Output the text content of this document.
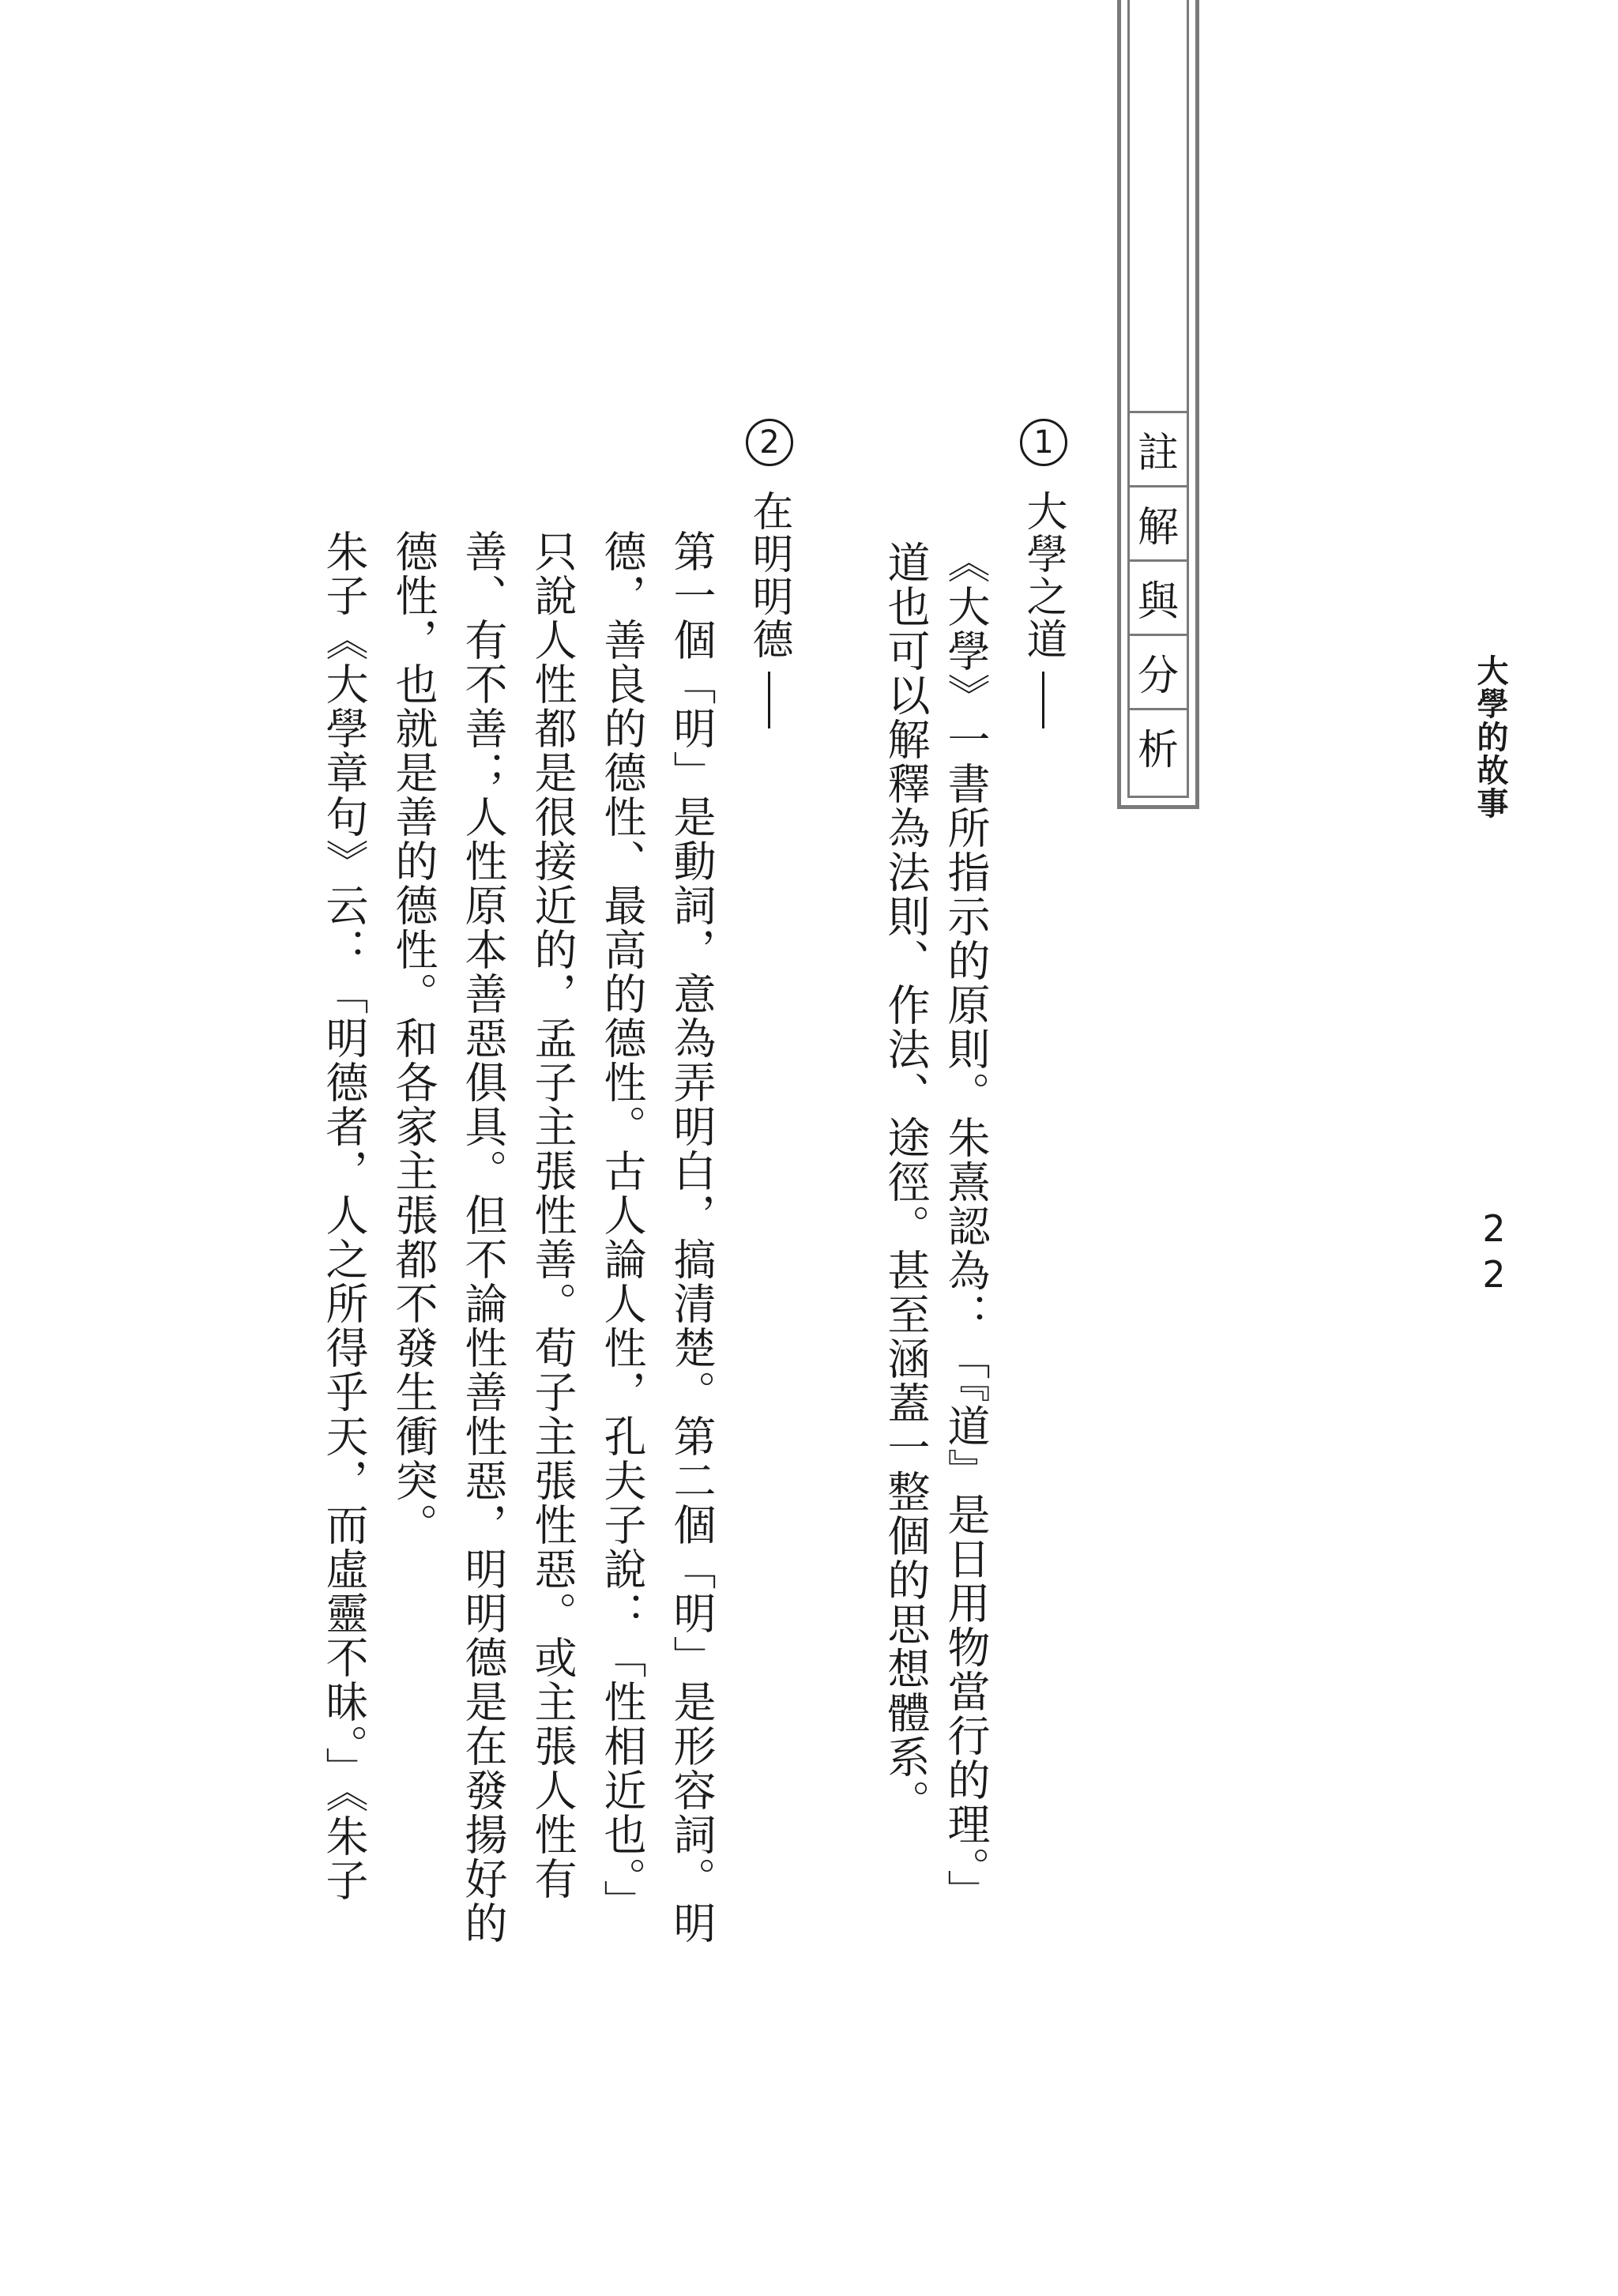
大學的故事
22
註
解
與
分
析
1
大學之道
《大學》一書所指示的原則。朱熹認為：「『道』是日用物當行的理。」
道也可以解釋為法則、作法、途徑。甚至涵蓋一整個的思想體系。
2
在明明德
第一個「明」是動詞，意為弄明白，搞清楚。第二個「明」是形容詞。明
德，善良的德性、最高的德性。古人論人性，孔夫子說：「性相近也。」
只說人性都是很接近的，孟子主張性善。荀子主張性惡。或主張人性有
善、有不善；人性原本善惡俱具。但不論性善性惡，明明德是在發揚好的
德性，也就是善的德性。和各家主張都不發生衝突。
朱子《大學章句》云：「明德者，人之所得乎天，而虛靈不昧。」《朱子
